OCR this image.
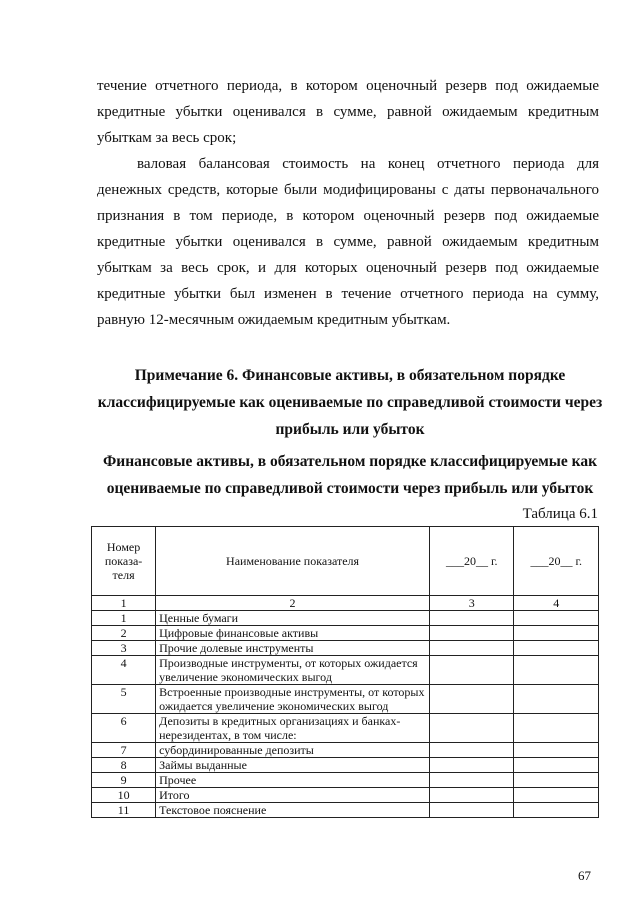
течение отчетного периода, в котором оценочный резерв под ожидаемые кредитные убытки оценивался в сумме, равной ожидаемым кредитным убыткам за весь срок;

валовая балансовая стоимость на конец отчетного периода для денежных средств, которые были модифицированы с даты первоначального признания в том периоде, в котором оценочный резерв под ожидаемые кредитные убытки оценивался в сумме, равной ожидаемым кредитным убыткам за весь срок, и для которых оценочный резерв под ожидаемые кредитные убытки был изменен в течение отчетного периода на сумму, равную 12-месячным ожидаемым кредитным убыткам.

Примечание 6. Финансовые активы, в обязательном порядке классифицируемые как оцениваемые по справедливой стоимости через прибыль или убыток

Финансовые активы, в обязательном порядке классифицируемые как оцениваемые по справедливой стоимости через прибыль или убыток

Таблица 6.1

Номер показа-теля	Наименование показателя	___20__ г.	___20__ г.
1	2	3	4
1	Ценные бумаги		
2	Цифровые финансовые активы		
3	Прочие долевые инструменты		
4	Производные инструменты, от которых ожидается увеличение экономических выгод		
5	Встроенные производные инструменты, от которых ожидается увеличение экономических выгод		
6	Депозиты в кредитных организациях и банках-нерезидентах, в том числе:		
7	субординированные депозиты		
8	Займы выданные		
9	Прочее		
10	Итого		
11	Текстовое пояснение		

67
